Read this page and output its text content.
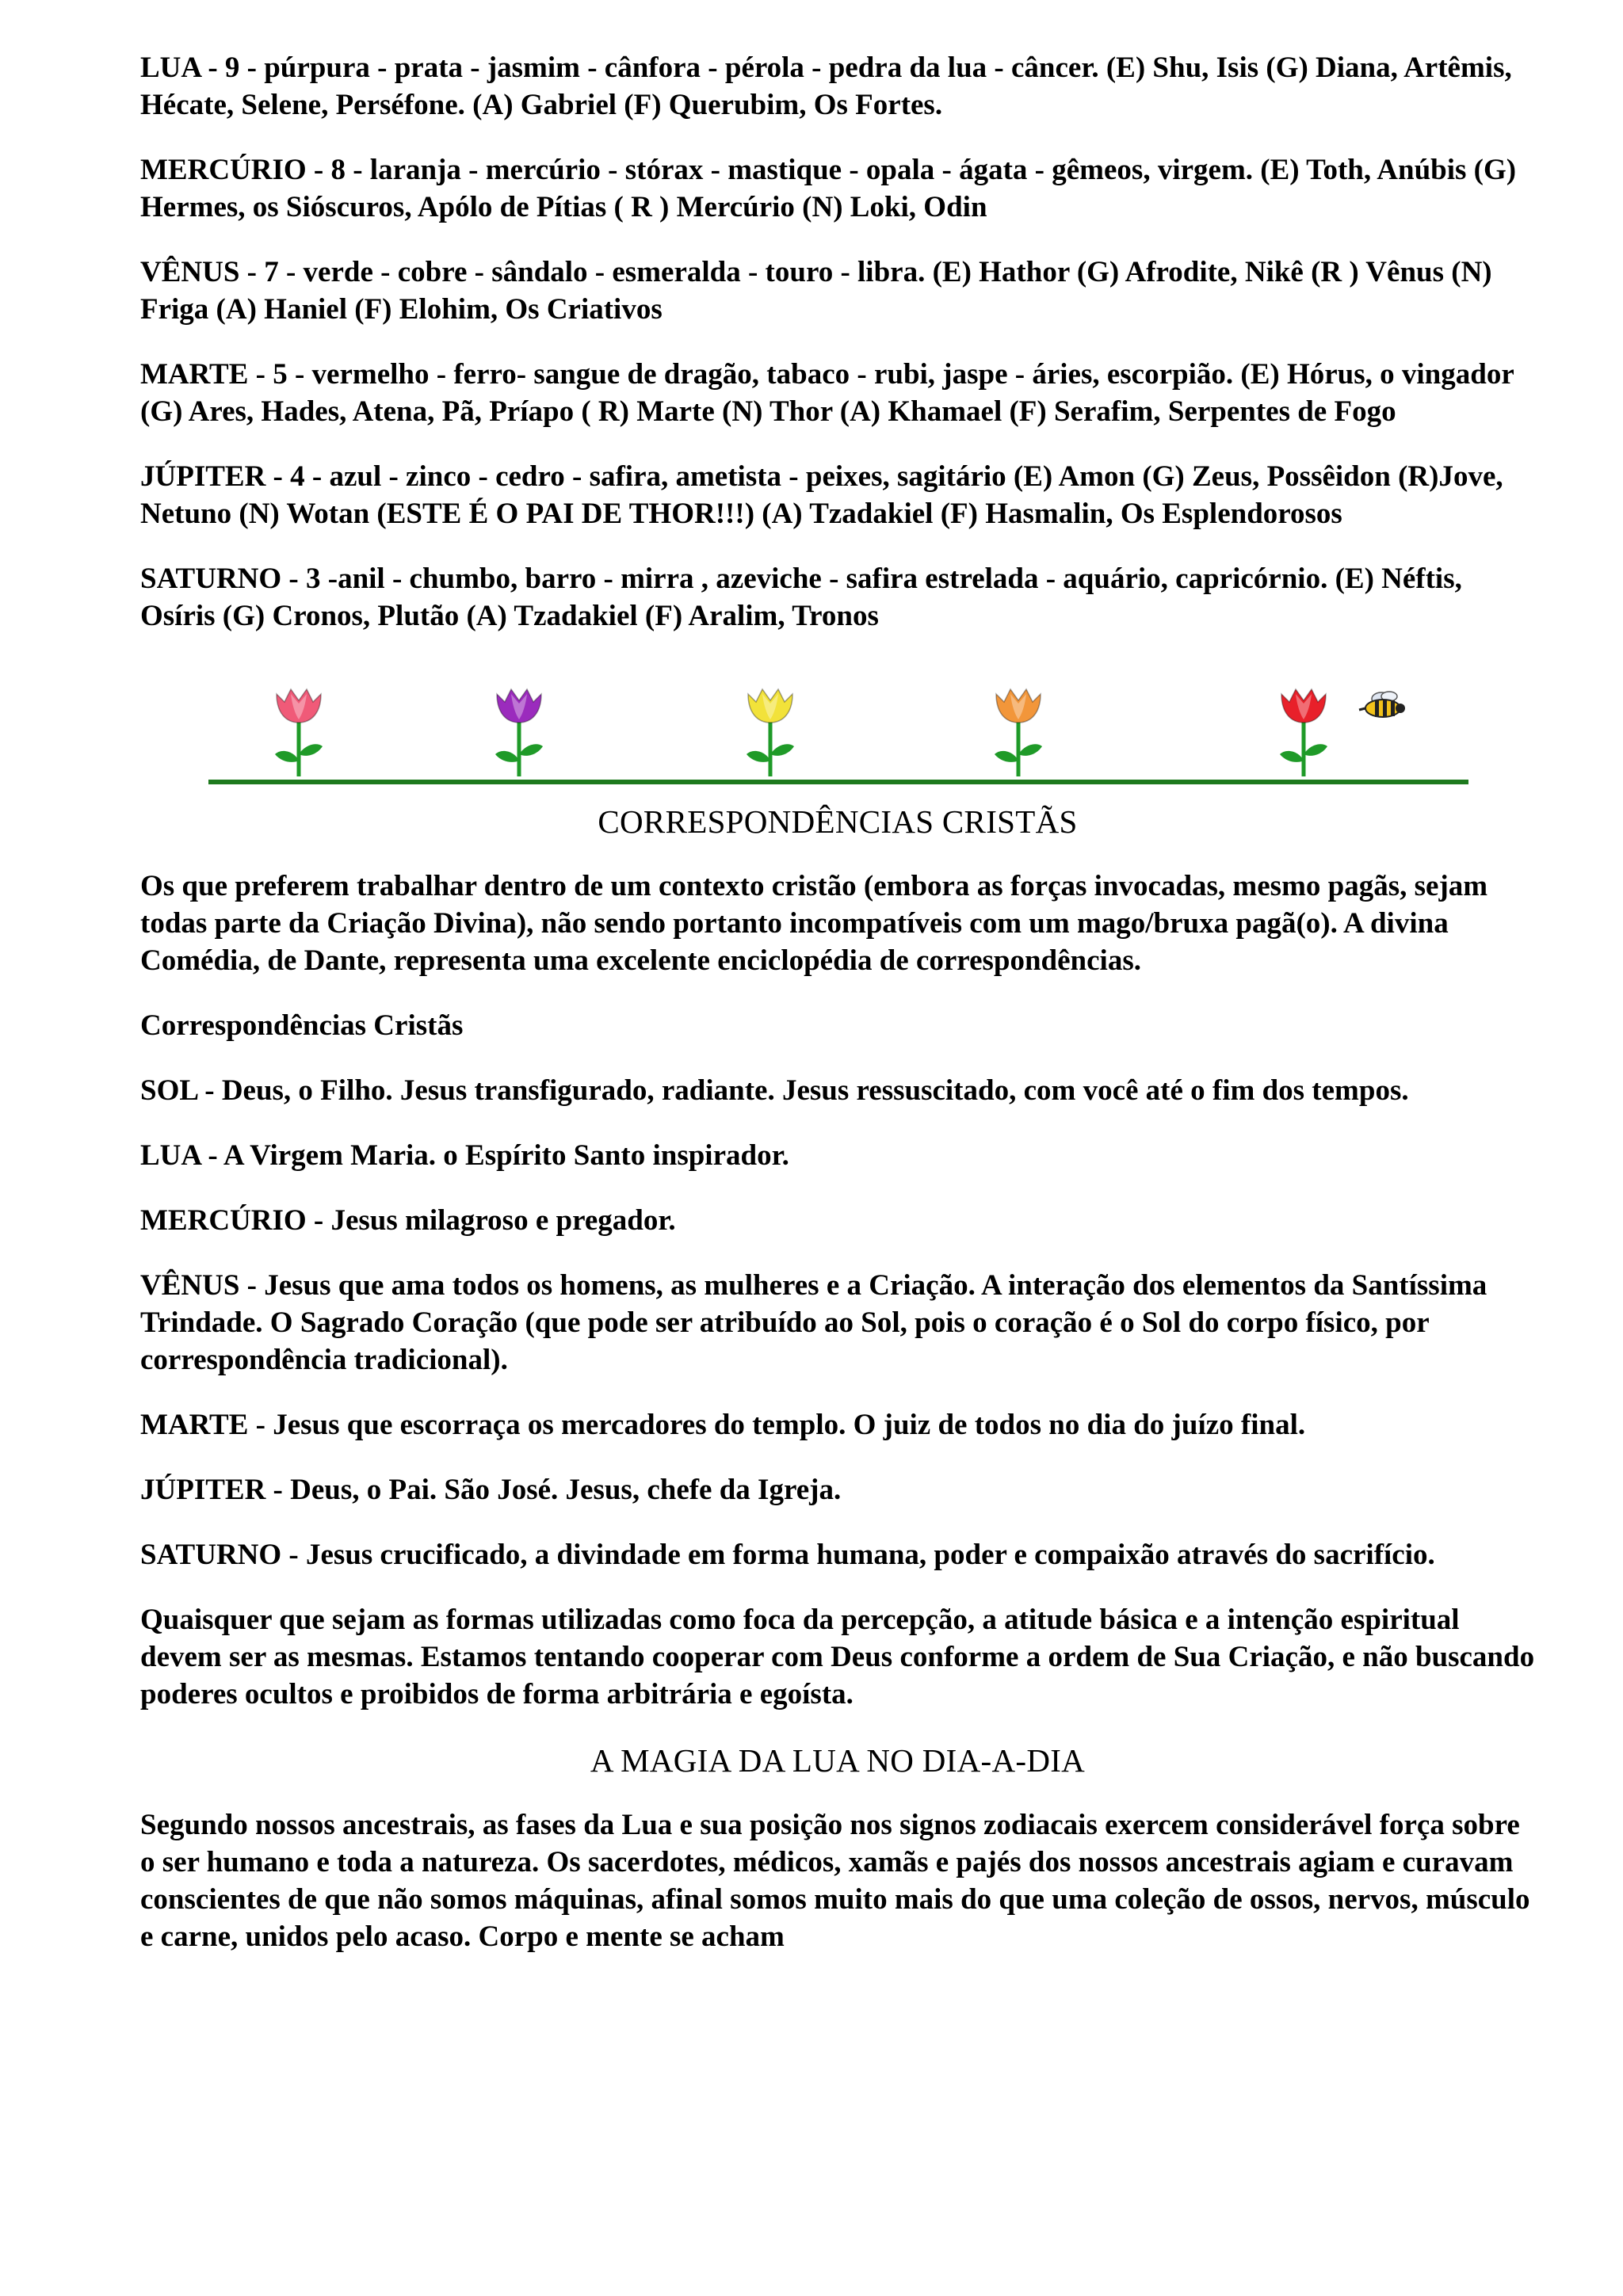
LUA - 9 - púrpura - prata - jasmim - cânfora - pérola - pedra da lua - câncer. (E) Shu, Isis (G) Diana, Artêmis, Hécate, Selene, Perséfone. (A) Gabriel (F) Querubim, Os Fortes.

MERCÚRIO - 8 - laranja - mercúrio - stórax - mastique - opala - ágata - gêmeos, virgem. (E) Toth, Anúbis (G) Hermes, os Sióscuros, Apólo de Pítias ( R ) Mercúrio (N) Loki, Odin

VÊNUS - 7 - verde - cobre - sândalo - esmeralda - touro - libra. (E) Hathor (G) Afrodite, Nikê (R ) Vênus (N) Friga (A) Haniel (F) Elohim, Os Criativos

MARTE - 5 - vermelho - ferro- sangue de dragão, tabaco - rubi, jaspe - áries, escorpião. (E) Hórus, o vingador (G) Ares, Hades, Atena, Pã, Príapo ( R) Marte (N) Thor (A) Khamael (F) Serafim, Serpentes de Fogo

JÚPITER - 4 - azul - zinco - cedro - safira, ametista - peixes, sagitário (E) Amon (G) Zeus, Possêidon (R)Jove, Netuno (N) Wotan (ESTE É O PAI DE THOR!!!) (A) Tzadakiel (F) Hasmalin, Os Esplendorosos

SATURNO - 3 -anil - chumbo, barro - mirra , azeviche - safira estrelada - aquário, capricórnio. (E) Néftis, Osíris (G) Cronos, Plutão (A) Tzadakiel (F) Aralim, Tronos

CORRESPONDÊNCIAS CRISTÃS

Os que preferem trabalhar dentro de um contexto cristão (embora as forças invocadas, mesmo pagãs, sejam todas parte da Criação Divina), não sendo portanto incompatíveis com um mago/bruxa pagã(o). A divina Comédia, de Dante, representa uma excelente enciclopédia de correspondências.

Correspondências Cristãs

SOL - Deus, o Filho. Jesus transfigurado, radiante. Jesus ressuscitado, com você até o fim dos tempos.

LUA - A Virgem Maria. o Espírito Santo inspirador.

MERCÚRIO - Jesus milagroso e pregador.

VÊNUS - Jesus que ama todos os homens, as mulheres e a Criação. A interação dos elementos da Santíssima Trindade. O Sagrado Coração (que pode ser atribuído ao Sol, pois o coração é o Sol do corpo físico, por correspondência tradicional).

MARTE - Jesus que escorraça os mercadores do templo. O juiz de todos no dia do juízo final.

JÚPITER - Deus, o Pai. São José. Jesus, chefe da Igreja.

SATURNO - Jesus crucificado, a divindade em forma humana, poder e compaixão através do sacrifício.

Quaisquer que sejam as formas utilizadas como foca da percepção, a atitude básica e a intenção espiritual devem ser as mesmas. Estamos tentando cooperar com Deus conforme a ordem de Sua Criação, e não buscando poderes ocultos e proibidos de forma arbitrária e egoísta.

A MAGIA DA LUA NO DIA-A-DIA

Segundo nossos ancestrais, as fases da Lua e sua posição nos signos zodiacais exercem considerável força sobre o ser humano e toda a natureza. Os sacerdotes, médicos, xamãs e pajés dos nossos ancestrais agiam e curavam conscientes de que não somos máquinas, afinal somos muito mais do que uma coleção de ossos, nervos, músculo e carne, unidos pelo acaso. Corpo e mente se acham
